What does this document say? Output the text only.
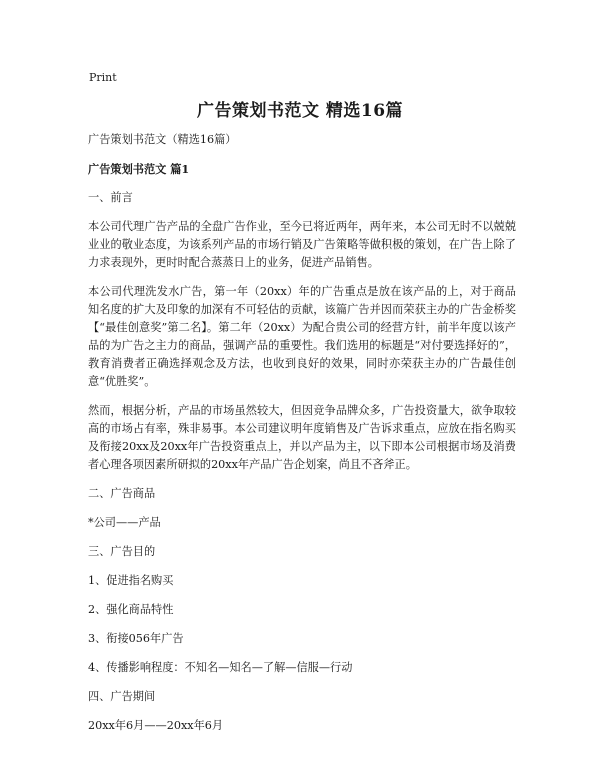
Print
广告策划书范文 精选16篇

广告策划书范文（精选16篇）

广告策划书范文 篇1

一、前言

本公司代理广告产品的全盘广告作业，至今已将近两年，两年来，本公司无时不以兢兢业业的敬业态度，为该系列产品的市场行销及广告策略等做积极的策划，在广告上除了力求表现外，更时时配合蒸蒸日上的业务，促进产品销售。

本公司代理洗发水广告，第一年（20xx）年的广告重点是放在该产品的上，对于商品知名度的扩大及印象的加深有不可轻估的贡献，该篇广告并因而荣获主办的广告金桥奖【“最佳创意奖”第二名】。第二年（20xx）为配合贵公司的经营方针，前半年度以该产品的为广告之主力的商品，强调产品的重要性。我们选用的标题是“对付要选择好的”，教育消费者正确选择观念及方法，也收到良好的效果，同时亦荣获主办的广告最佳创意“优胜奖”。

然而，根据分析，产品的市场虽然较大，但因竞争品牌众多，广告投资量大，欲争取较高的市场占有率，殊非易事。本公司建议明年度销售及广告诉求重点，应放在指名购买及衔接20xx及20xx年广告投资重点上，并以产品为主，以下即本公司根据市场及消费者心理各项因素所研拟的20xx年产品广告企划案，尚且不吝斧正。

二、广告商品

*公司——产品

三、广告目的

1、促进指名购买

2、强化商品特性

3、衔接056年广告

4、传播影响程度：不知名—知名—了解—信服—行动

四、广告期间

20xx年6月——20xx年6月
